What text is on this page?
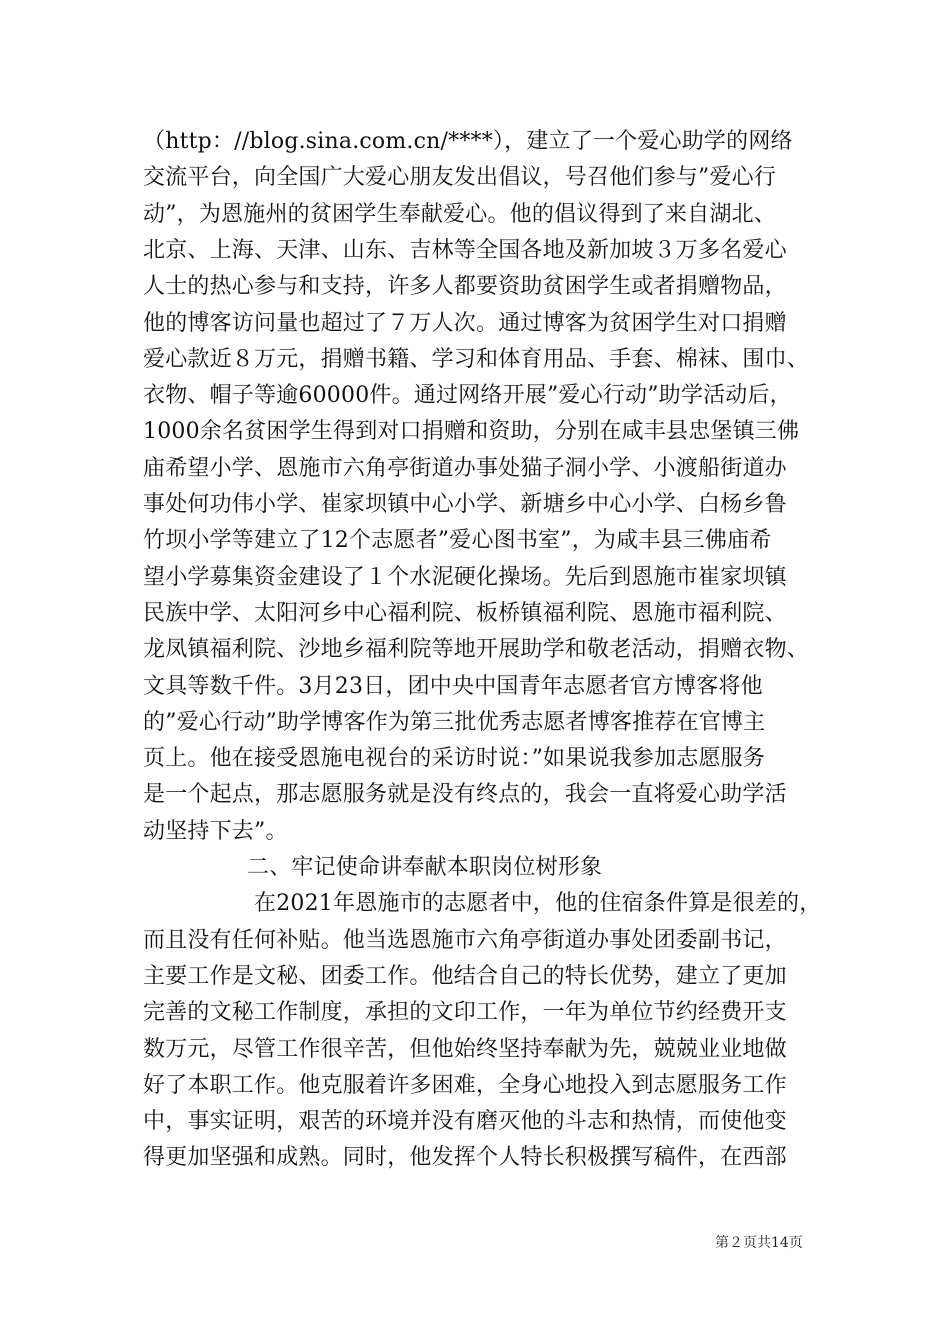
（http：//blog.sina.com.cn/****），建立了一个爱心助学的网络
交流平台，向全国广大爱心朋友发出倡议，号召他们参与”爱心行
动”，为恩施州的贫困学生奉献爱心。他的倡议得到了来自湖北、
北京、上海、天津、山东、吉林等全国各地及新加坡３万多名爱心
人士的热心参与和支持，许多人都要资助贫困学生或者捐赠物品，
他的博客访问量也超过了７万人次。通过博客为贫困学生对口捐赠
爱心款近８万元，捐赠书籍、学习和体育用品、手套、棉袜、围巾、
衣物、帽子等逾60000件。通过网络开展”爱心行动”助学活动后，
1000余名贫困学生得到对口捐赠和资助，分别在咸丰县忠堡镇三佛
庙希望小学、恩施市六角亭街道办事处猫子洞小学、小渡船街道办
事处何功伟小学、崔家坝镇中心小学、新塘乡中心小学、白杨乡鲁
竹坝小学等建立了12个志愿者”爱心图书室”，为咸丰县三佛庙希
望小学募集资金建设了１个水泥硬化操场。先后到恩施市崔家坝镇
民族中学、太阳河乡中心福利院、板桥镇福利院、恩施市福利院、
龙凤镇福利院、沙地乡福利院等地开展助学和敬老活动，捐赠衣物、
文具等数千件。3月23日，团中央中国青年志愿者官方博客将他
的”爱心行动”助学博客作为第三批优秀志愿者博客推荐在官博主
页上。他在接受恩施电视台的采访时说：”如果说我参加志愿服务
是一个起点，那志愿服务就是没有终点的，我会一直将爱心助学活
动坚持下去”。
二、牢记使命讲奉献本职岗位树形象
在2021年恩施市的志愿者中，他的住宿条件算是很差的，
而且没有任何补贴。他当选恩施市六角亭街道办事处团委副书记，
主要工作是文秘、团委工作。他结合自己的特长优势，建立了更加
完善的文秘工作制度，承担的文印工作，一年为单位节约经费开支
数万元，尽管工作很辛苦，但他始终坚持奉献为先，兢兢业业地做
好了本职工作。他克服着许多困难，全身心地投入到志愿服务工作
中，事实证明，艰苦的环境并没有磨灭他的斗志和热情，而使他变
得更加坚强和成熟。同时，他发挥个人特长积极撰写稿件，在西部
第２页共14页
